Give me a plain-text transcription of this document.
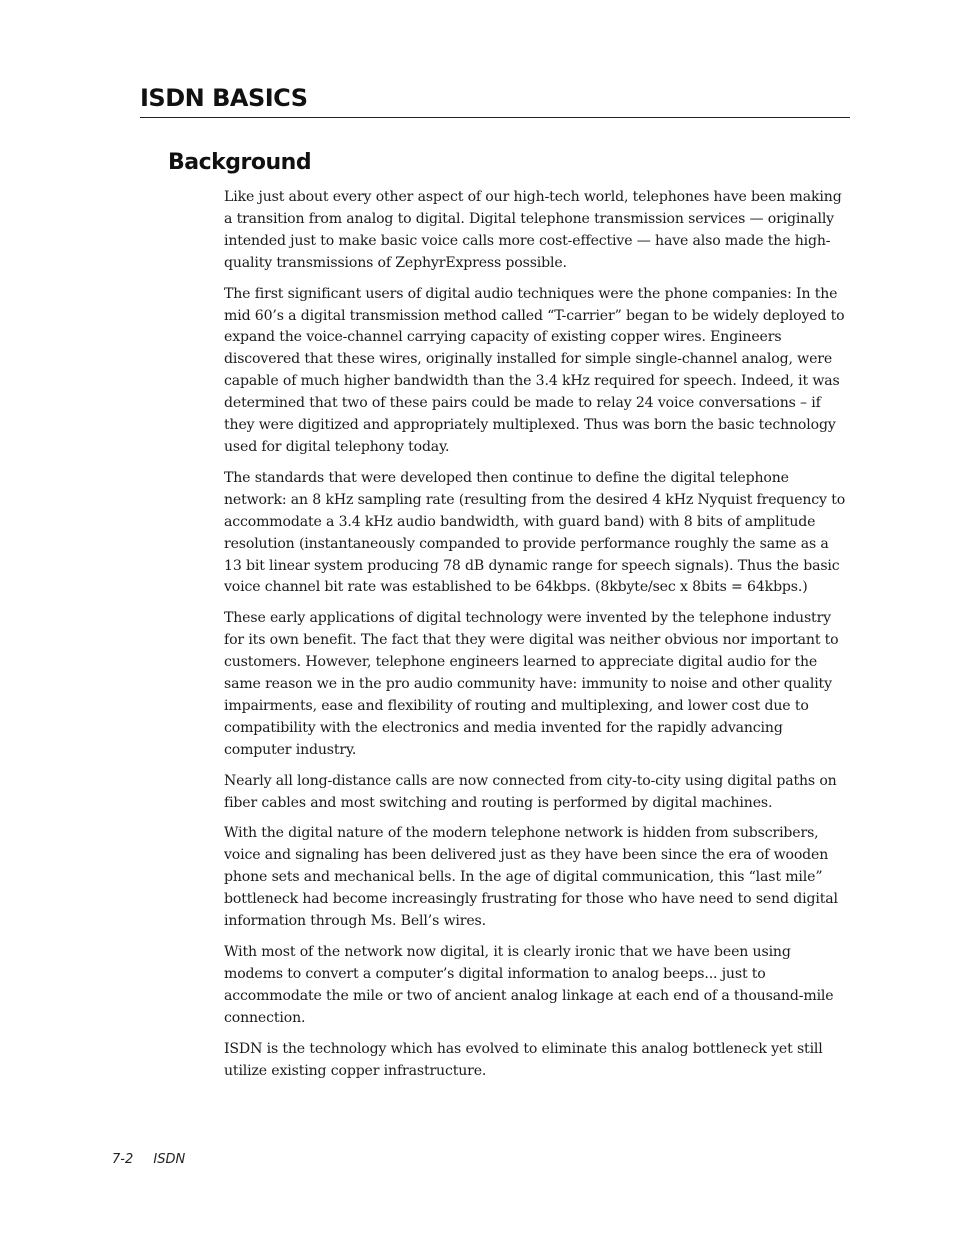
ISDN BASICS
Background

Like just about every other aspect of our high-tech world, telephones have been making a transition from analog to digital. Digital telephone transmission services — originally intended just to make basic voice calls more cost-effective — have also made the high-quality transmissions of ZephyrExpress possible.

The first significant users of digital audio techniques were the phone companies: In the mid 60’s a digital transmission method called “T-carrier” began to be widely deployed to expand the voice-channel carrying capacity of existing copper wires. Engineers discovered that these wires, originally installed for simple single-channel analog, were capable of much higher bandwidth than the 3.4 kHz required for speech. Indeed, it was determined that two of these pairs could be made to relay 24 voice conversations – if they were digitized and appropriately multiplexed. Thus was born the basic technology used for digital telephony today.

The standards that were developed then continue to define the digital telephone network: an 8 kHz sampling rate (resulting from the desired 4 kHz Nyquist frequency to accommodate a 3.4 kHz audio bandwidth, with guard band) with 8 bits of amplitude resolution (instantaneously companded to provide performance roughly the same as a 13 bit linear system producing 78 dB dynamic range for speech signals). Thus the basic voice channel bit rate was established to be 64kbps. (8kbyte/sec x 8bits = 64kbps.)

These early applications of digital technology were invented by the telephone industry for its own benefit. The fact that they were digital was neither obvious nor important to customers. However, telephone engineers learned to appreciate digital audio for the same reason we in the pro audio community have: immunity to noise and other quality impairments, ease and flexibility of routing and multiplexing, and lower cost due to compatibility with the electronics and media invented for the rapidly advancing computer industry.

Nearly all long-distance calls are now connected from city-to-city using digital paths on fiber cables and most switching and routing is performed by digital machines.

With the digital nature of the modern telephone network is hidden from subscribers, voice and signaling has been delivered just as they have been since the era of wooden phone sets and mechanical bells. In the age of digital communication, this “last mile” bottleneck had become increasingly frustrating for those who have need to send digital information through Ms. Bell’s wires.

With most of the network now digital, it is clearly ironic that we have been using modems to convert a computer’s digital information to analog beeps... just to accommodate the mile or two of ancient analog linkage at each end of a thousand-mile connection.

ISDN is the technology which has evolved to eliminate this analog bottleneck yet still utilize existing copper infrastructure.

7-2 ISDN
